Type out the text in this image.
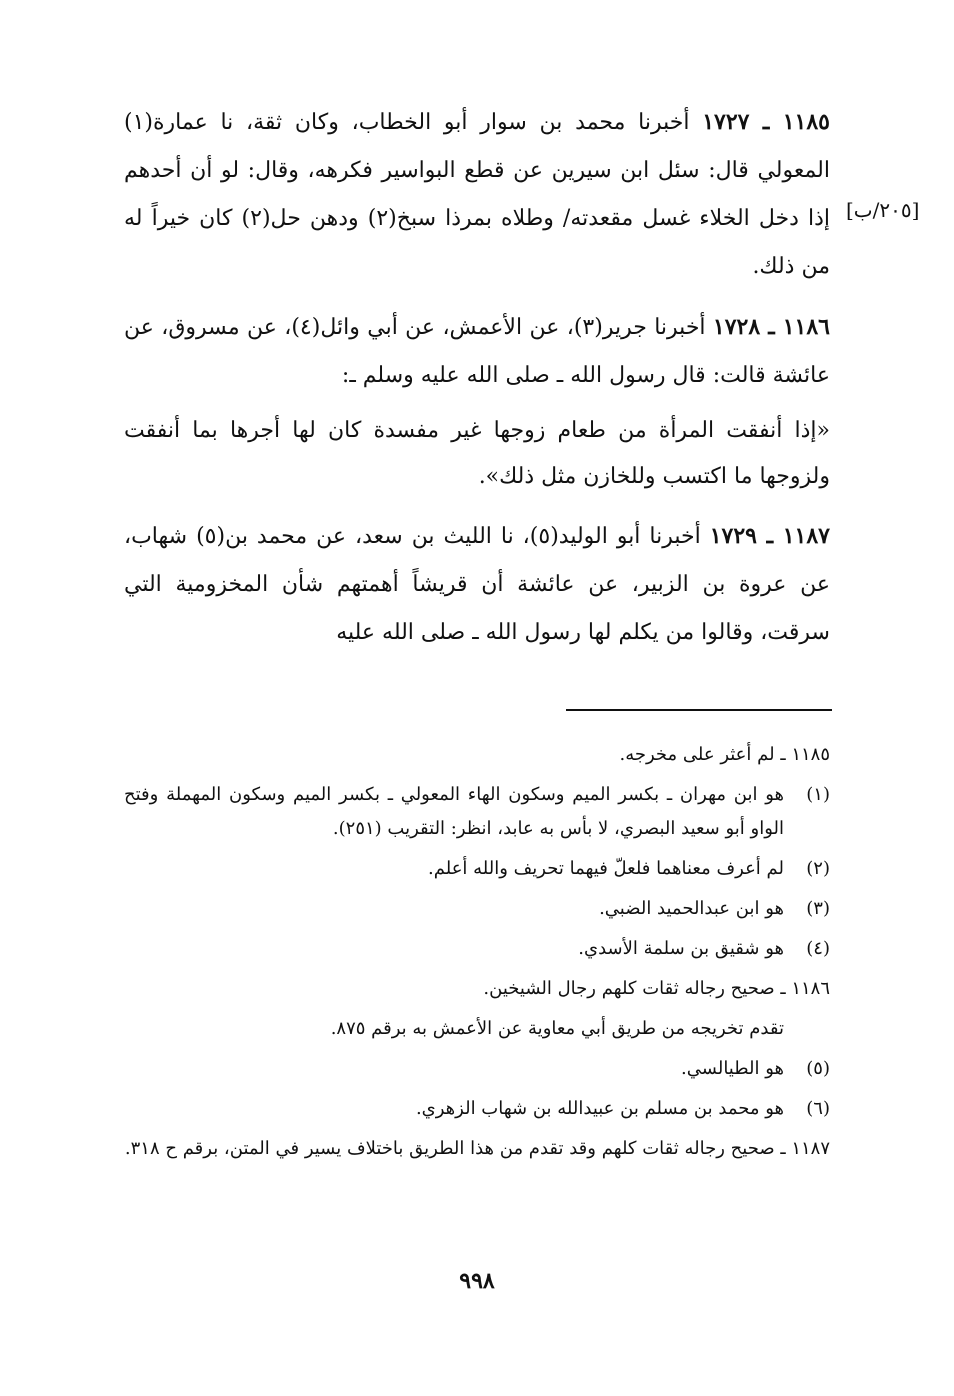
[٢٠٥/ب]

١١٨٥ ـ ١٧٢٧ أخبرنا محمد بن سوار أبو الخطاب، وكان ثقة، نا عمارة(١) المعولي قال: سئل ابن سيرين عن قطع البواسير فكرهه، وقال: لو أن أحدهم إذا دخل الخلاء غسل مقعدته/ وطلاه بمرذا سبخ(٢) ودهن حل(٢) كان خيراً له من ذلك.

١١٨٦ ـ ١٧٢٨ أخبرنا جرير(٣)، عن الأعمش، عن أبي وائل(٤)، عن مسروق، عن عائشة قالت: قال رسول الله ـ صلى الله عليه وسلم ـ:

«إذا أنفقت المرأة من طعام زوجها غير مفسدة كان لها أجرها بما أنفقت ولزوجها ما اكتسب وللخازن مثل ذلك».

١١٨٧ ـ ١٧٢٩ أخبرنا أبو الوليد(٥)، نا الليث بن سعد، عن محمد بن(٥) شهاب، عن عروة بن الزبير، عن عائشة أن قريشاً أهمتهم شأن المخزومية التي سرقت، وقالوا من يكلم لها رسول الله ـ صلى الله عليه

١١٨٥ ـ لم أعثر على مخرجه.
(١)
هو ابن مهران ـ بكسر الميم وسكون الهاء المعولي ـ بكسر الميم وسكون المهملة وفتح الواو أبو سعيد البصري، لا بأس به عابد، انظر: التقريب (٢٥١).
(٢)
لم أعرف معناهما فلعلّ فيهما تحريف والله أعلم.
(٣)
هو ابن عبدالحميد الضبي.
(٤)
هو شقيق بن سلمة الأسدي.
١١٨٦ ـ صحيح رجاله ثقات كلهم رجال الشيخين.
تقدم تخريجه من طريق أبي معاوية عن الأعمش به برقم ٨٧٥.
(٥)
هو الطيالسي.
(٦)
هو محمد بن مسلم بن عبيدالله بن شهاب الزهري.
١١٨٧ ـ صحيح رجاله ثقات كلهم وقد تقدم من هذا الطريق باختلاف يسير في المتن، برقم ح ٣١٨.
٩٩٨
